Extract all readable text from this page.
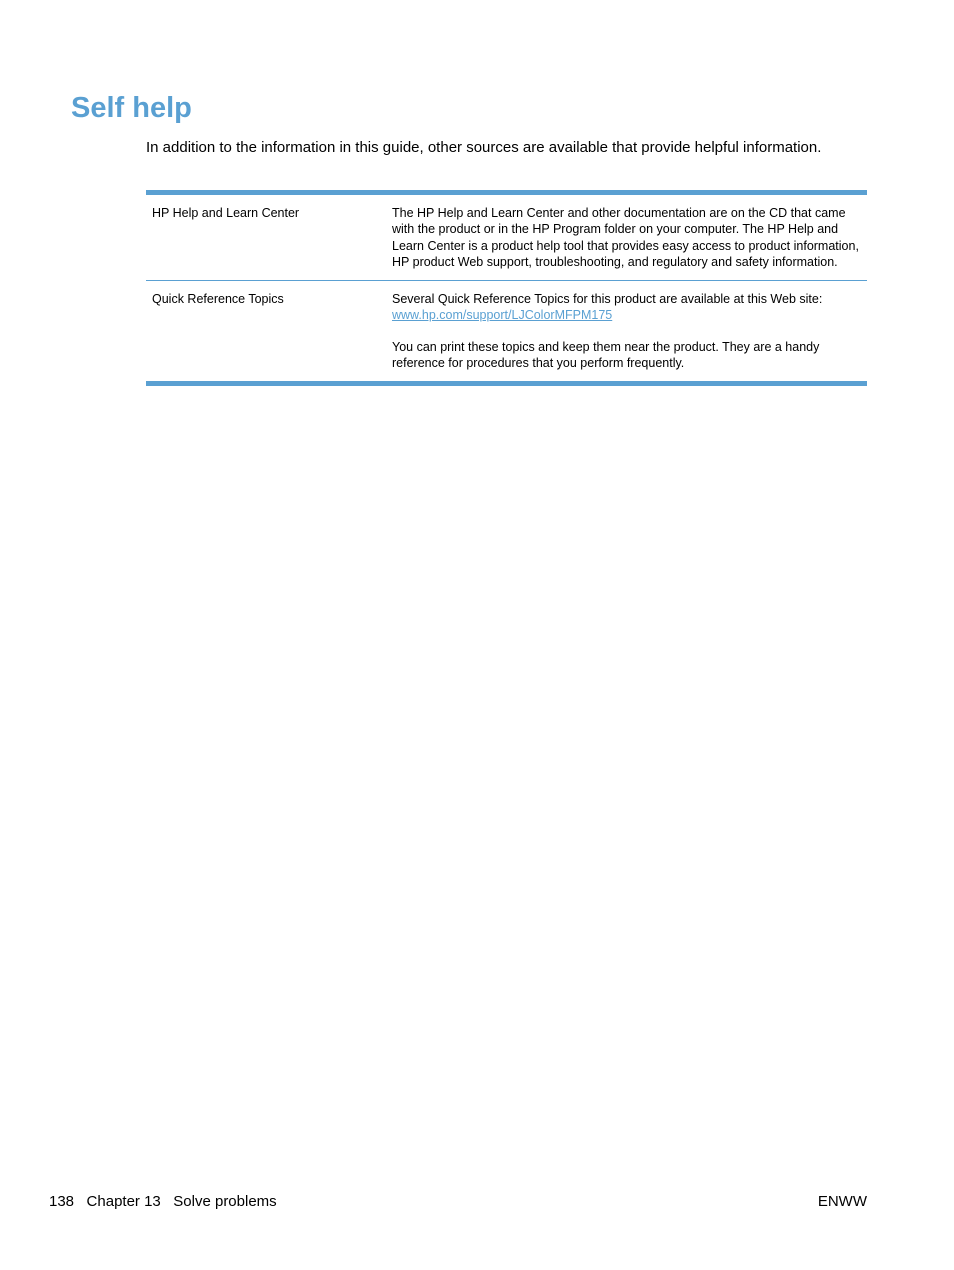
Self help

In addition to the information in this guide, other sources are available that provide helpful information.

HP Help and Learn Center	The HP Help and Learn Center and other documentation are on the CD that came with the product or in the HP Program folder on your computer. The HP Help and Learn Center is a product help tool that provides easy access to product information, HP product Web support, troubleshooting, and regulatory and safety information.

Quick Reference Topics	Several Quick Reference Topics for this product are available at this Web site:
www.hp.com/support/LJColorMFPM175

You can print these topics and keep them near the product. They are a handy reference for procedures that you perform frequently.

138 Chapter 13 Solve problems	ENWW
